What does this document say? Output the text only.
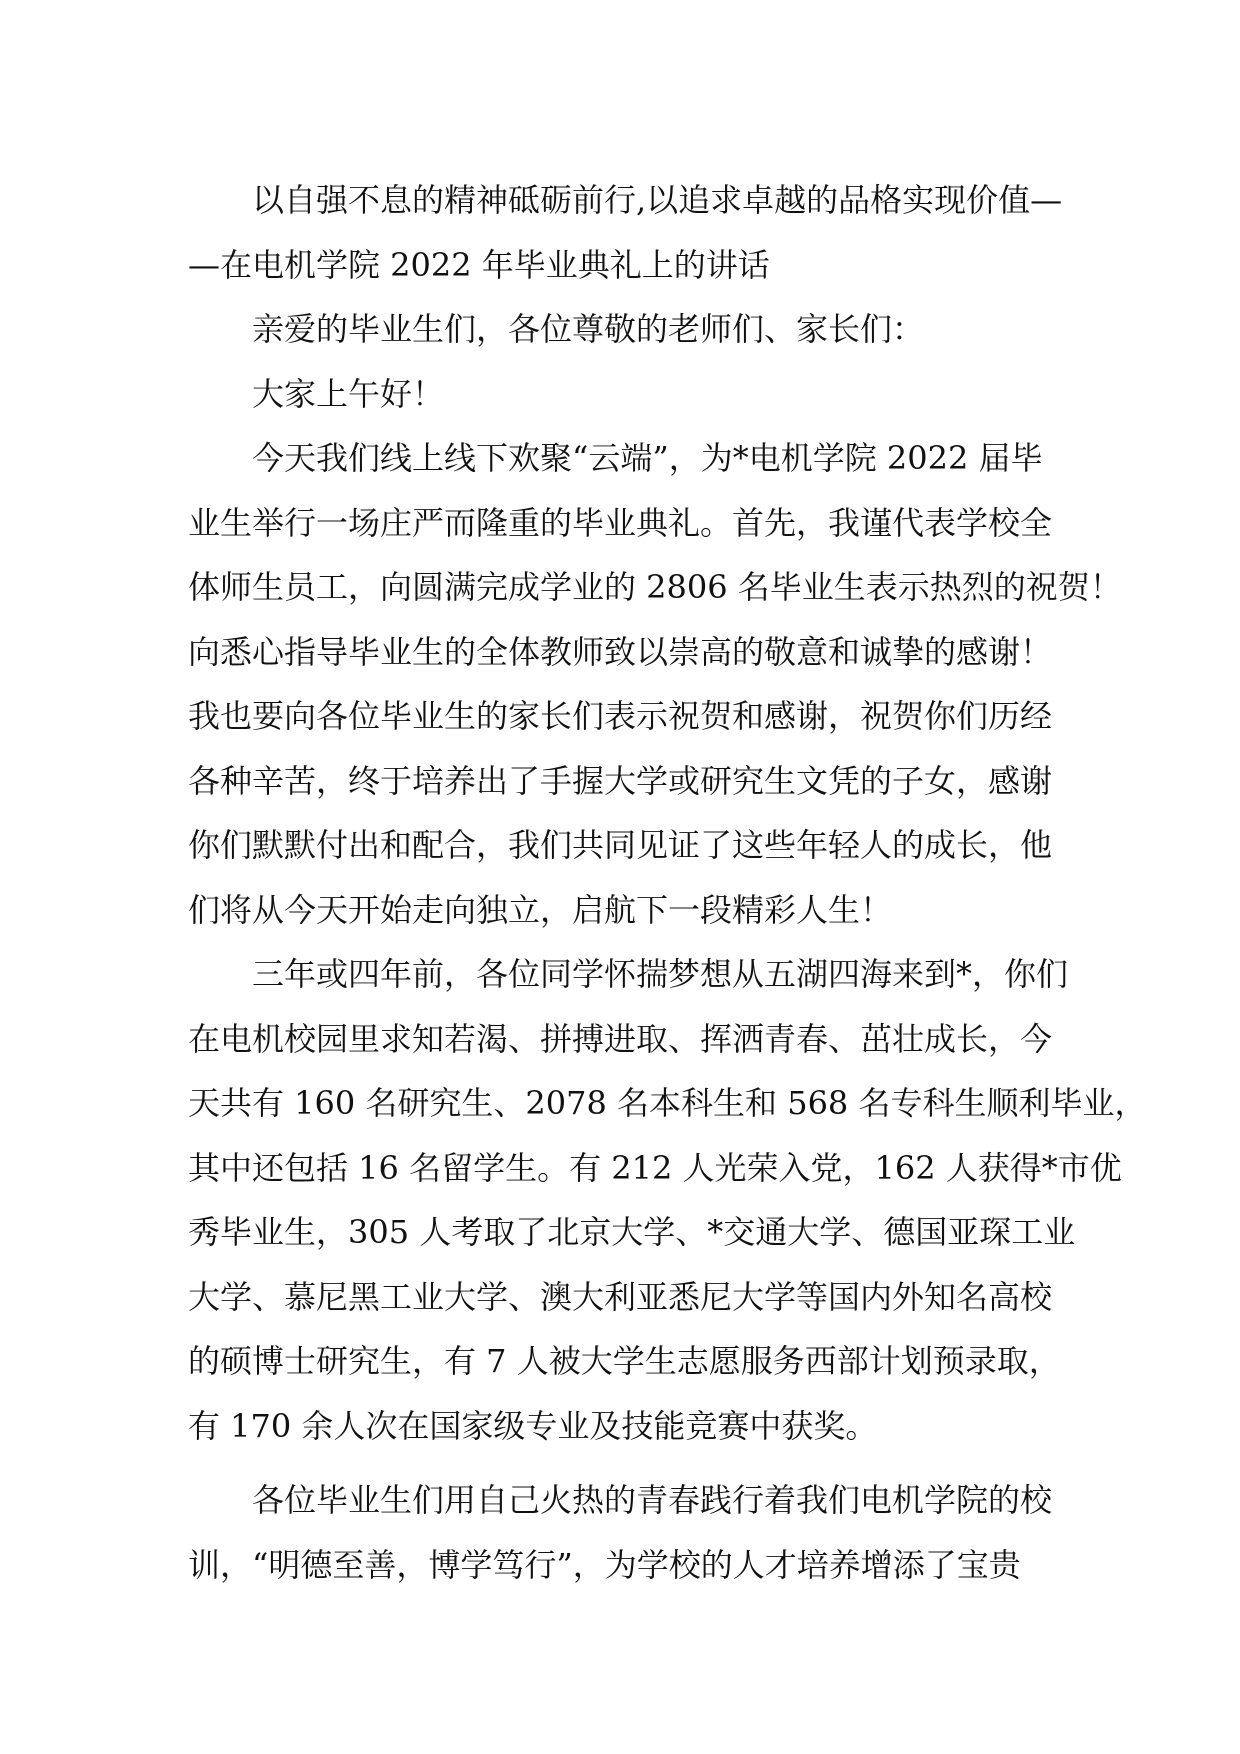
以自强不息的精神砥砺前行,以追求卓越的品格实现价值—
—在电机学院 2022 年毕业典礼上的讲话
亲爱的毕业生们，各位尊敬的老师们、家长们：
大家上午好！
今天我们线上线下欢聚“云端”，为*电机学院 2022 届毕
业生举行一场庄严而隆重的毕业典礼。首先，我谨代表学校全
体师生员工，向圆满完成学业的 2806 名毕业生表示热烈的祝贺！
向悉心指导毕业生的全体教师致以崇高的敬意和诚挚的感谢！
我也要向各位毕业生的家长们表示祝贺和感谢，祝贺你们历经
各种辛苦，终于培养出了手握大学或研究生文凭的子女，感谢
你们默默付出和配合，我们共同见证了这些年轻人的成长，他
们将从今天开始走向独立，启航下一段精彩人生！
三年或四年前，各位同学怀揣梦想从五湖四海来到*，你们
在电机校园里求知若渴、拼搏进取、挥洒青春、茁壮成长，今
天共有 160 名研究生、2078 名本科生和 568 名专科生顺利毕业，
其中还包括 16 名留学生。有 212 人光荣入党，162 人获得*市优
秀毕业生，305 人考取了北京大学、*交通大学、德国亚琛工业
大学、慕尼黑工业大学、澳大利亚悉尼大学等国内外知名高校
的硕博士研究生，有 7 人被大学生志愿服务西部计划预录取，
有 170 余人次在国家级专业及技能竞赛中获奖。
各位毕业生们用自己火热的青春践行着我们电机学院的校
训，“明德至善，博学笃行”，为学校的人才培养增添了宝贵
